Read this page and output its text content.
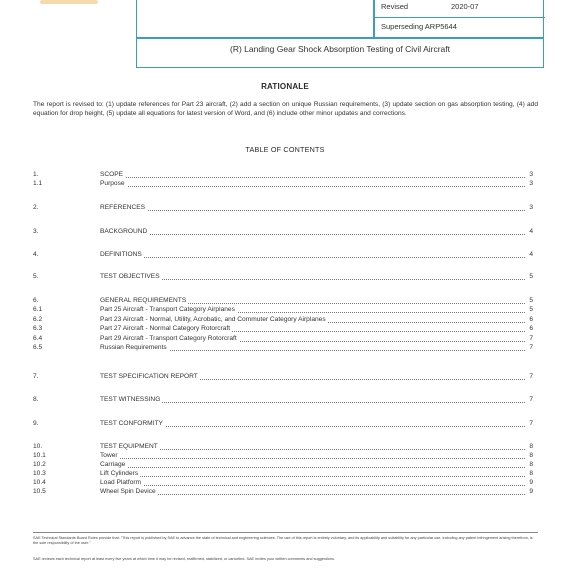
Revised	2020-07
Superseding ARP5644
(R) Landing Gear Shock Absorption Testing of Civil Aircraft
RATIONALE
The report is revised to: (1) update references for Part 23 aircraft, (2) add a section on unique Russian requirements, (3) update section on gas absorption testing, (4) add equation for drop height, (5) update all equations for latest version of Word, and (6) include other minor updates and corrections.
TABLE OF CONTENTS
1.	SCOPE	3
1.1	Purpose	3
2.	REFERENCES	3
3.	BACKGROUND	4
4.	DEFINITIONS	4
5.	TEST OBJECTIVES	5
6.	GENERAL REQUIREMENTS	5
6.1	Part 25 Aircraft - Transport Category Airplanes	5
6.2	Part 23 Aircraft - Normal, Utility, Acrobatic, and Commuter Category Airplanes	6
6.3	Part 27 Aircraft - Normal Category Rotorcraft	6
6.4	Part 29 Aircraft - Transport Category Rotorcraft	7
6.5	Russian Requirements	7
7.	TEST SPECIFICATION REPORT	7
8.	TEST WITNESSING	7
9.	TEST CONFORMITY	7
10.	TEST EQUIPMENT	8
10.1	Tower	8
10.2	Carriage	8
10.3	Lift Cylinders	8
10.4	Load Platform	9
10.5	Wheel Spin Device	9
SAE Technical Standards Board Rules provide that: "This report is published by SAE to advance the state of technical and engineering sciences. The use of this report is entirely voluntary, and its applicability and suitability for any particular use, including any patent infringement arising therefrom, is the sole responsibility of the user."
SAE reviews each technical report at least every five years at which time it may be revised, reaffirmed, stabilized, or cancelled. SAE invites your written comments and suggestions.
